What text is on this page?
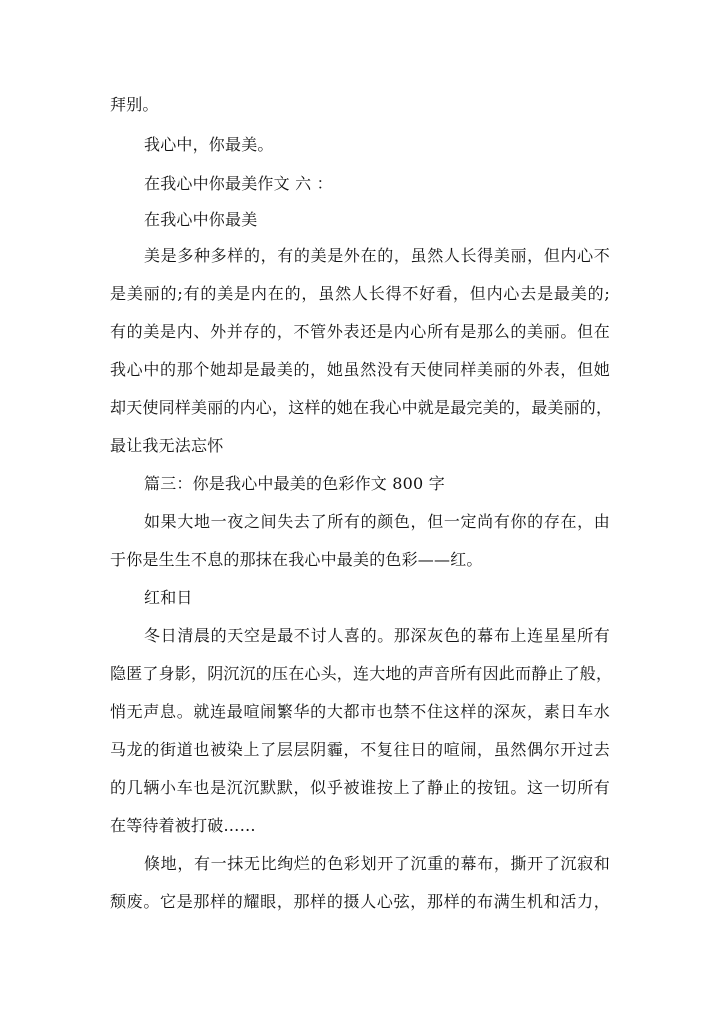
拜别。
我心中，你最美。
在我心中你最美作文 六 ：
在我心中你最美
美是多种多样的，有的美是外在的，虽然人长得美丽，但内心不
是美丽的;有的美是内在的，虽然人长得不好看，但内心去是最美的;
有的美是内、外并存的，不管外表还是内心所有是那么的美丽。但在
我心中的那个她却是最美的，她虽然没有天使同样美丽的外表，但她
却天使同样美丽的内心，这样的她在我心中就是最完美的，最美丽的，
最让我无法忘怀
篇三：你是我心中最美的色彩作文 800 字
如果大地一夜之间失去了所有的颜色，但一定尚有你的存在，由
于你是生生不息的那抹在我心中最美的色彩——红。
红和日
冬日清晨的天空是最不讨人喜的。那深灰色的幕布上连星星所有
隐匿了身影，阴沉沉的压在心头，连大地的声音所有因此而静止了般，
悄无声息。就连最喧闹繁华的大都市也禁不住这样的深灰，素日车水
马龙的街道也被染上了层层阴霾，不复往日的喧闹，虽然偶尔开过去
的几辆小车也是沉沉默默，似乎被谁按上了静止的按钮。这一切所有
在等待着被打破……
倏地，有一抹无比绚烂的色彩划开了沉重的幕布，撕开了沉寂和
颓废。它是那样的耀眼，那样的摄人心弦，那样的布满生机和活力，
